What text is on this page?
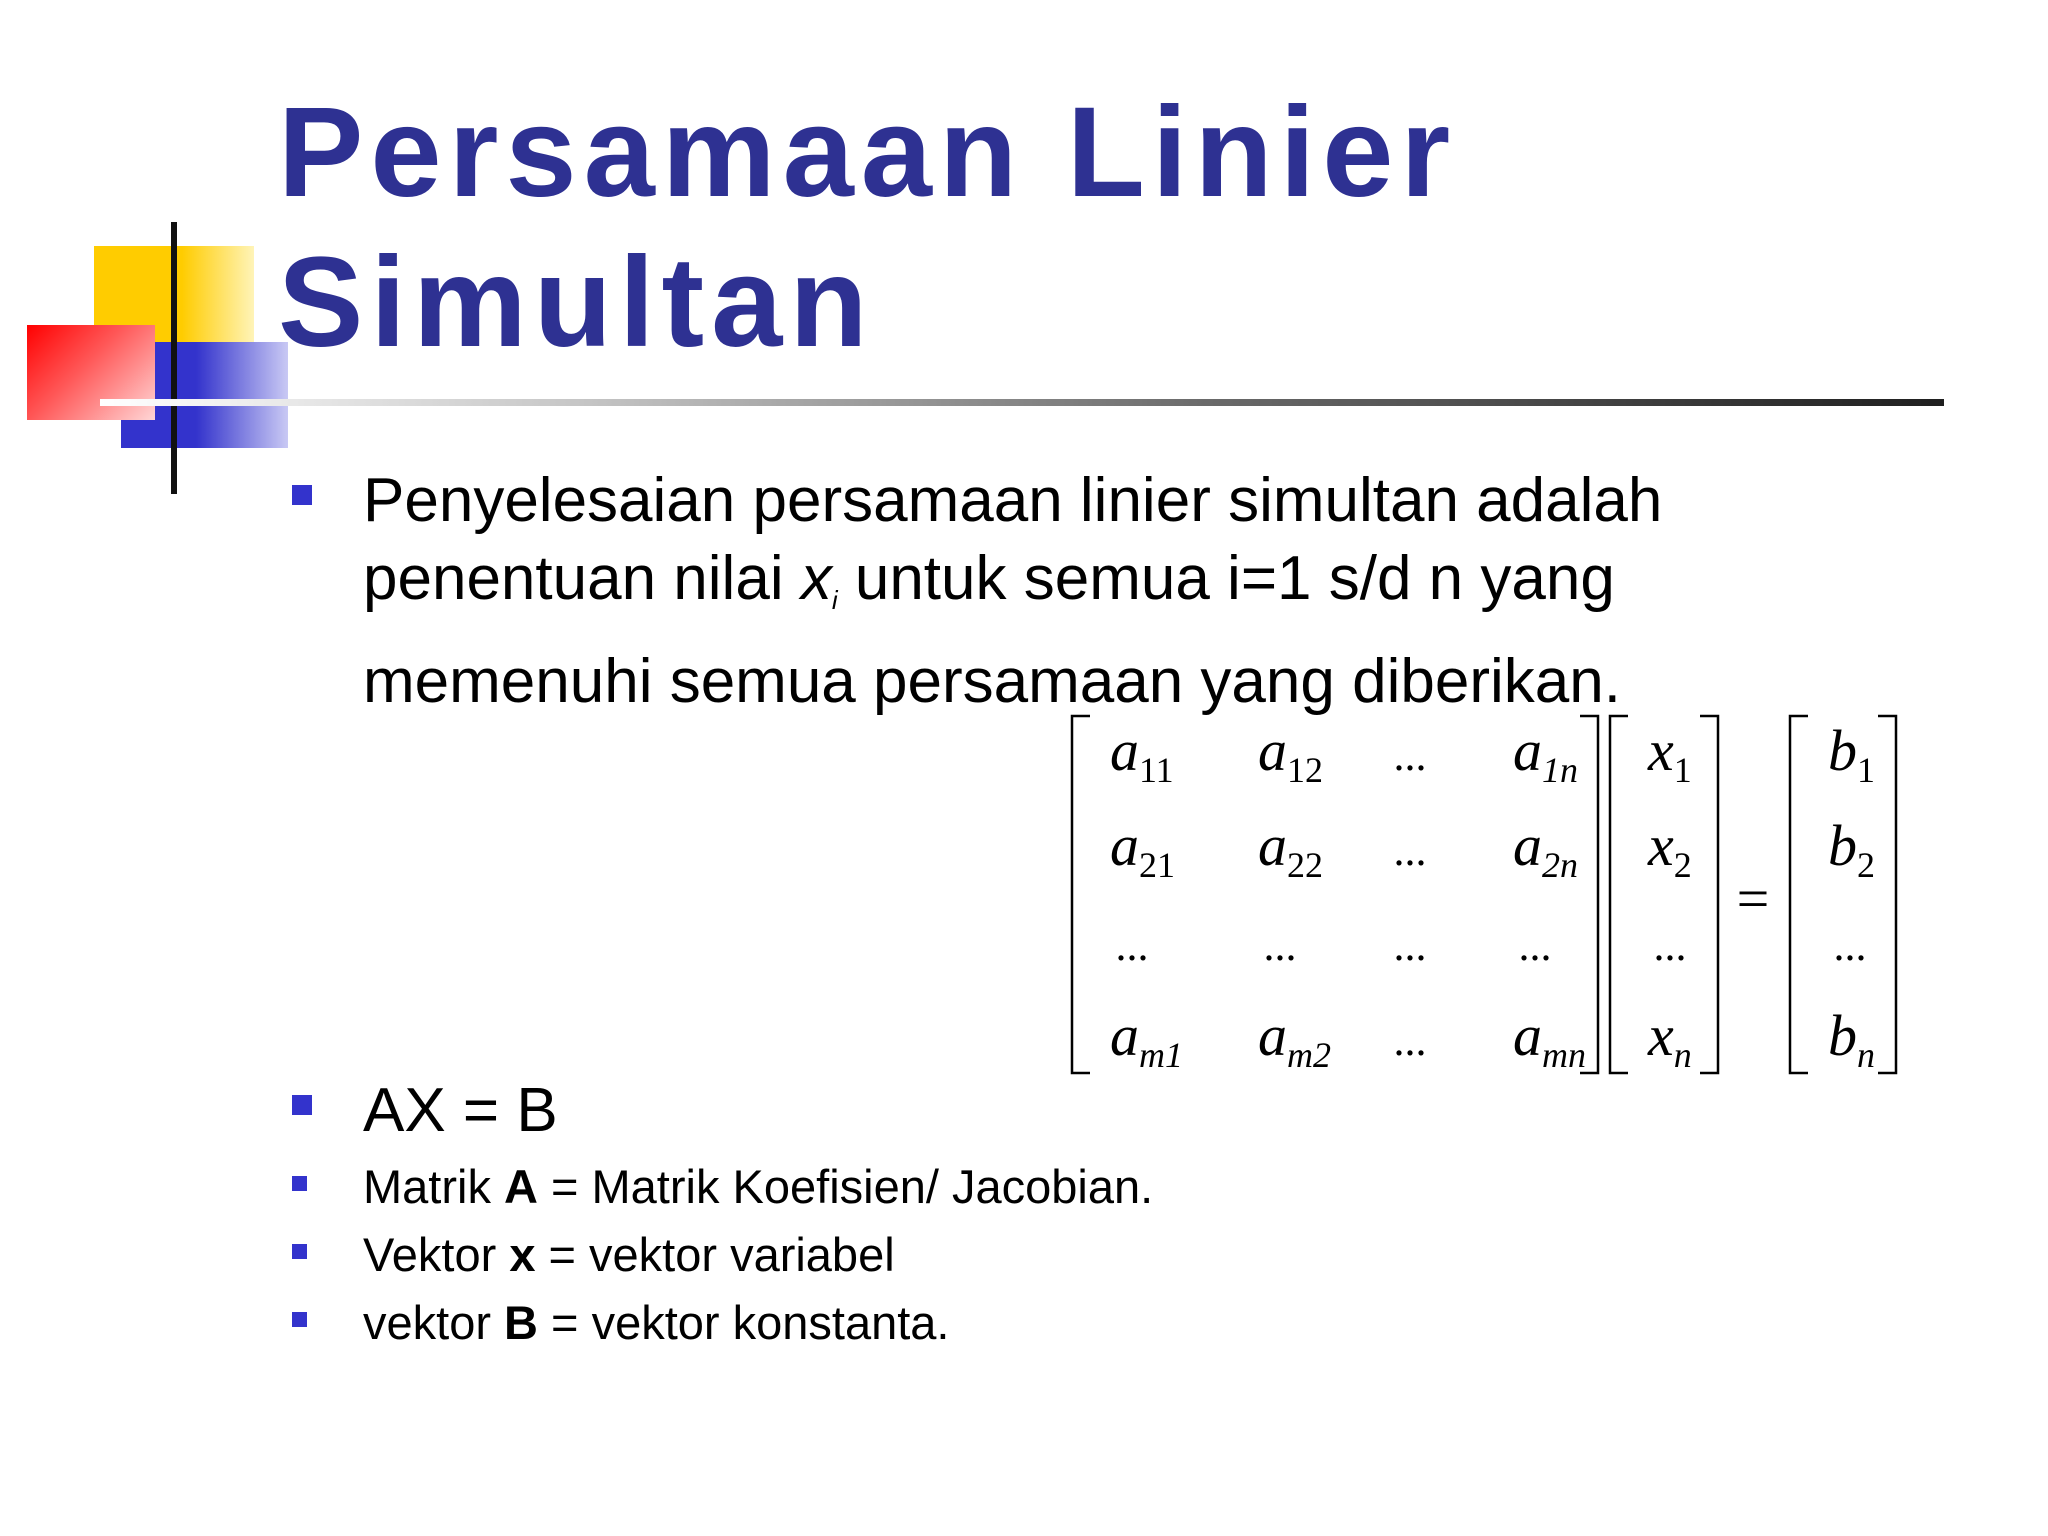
Persamaan Linier
Simultan
Penyelesaian persamaan linier simultan adalah
penentuan nilai $x_i$ untuk semua i=1 s/d n yang
memenuhi semua persamaan yang diberikan.
$a_{11}$ $a_{12}$ ... $a_{1n}$
$a_{21}$ $a_{22}$ ... $a_{2n}$
...	... ... ...
$a_{m1}$ $a_{m2}$ ... $a_{mn}$
$x_1$
$x_2$
...
$x_n$
=
$b_1$
$b_2$
...
$b_n$
AX = B
Matrik A = Matrik Koefisien/ Jacobian.
Vektor x = vektor variabel
vektor B = vektor konstanta.
